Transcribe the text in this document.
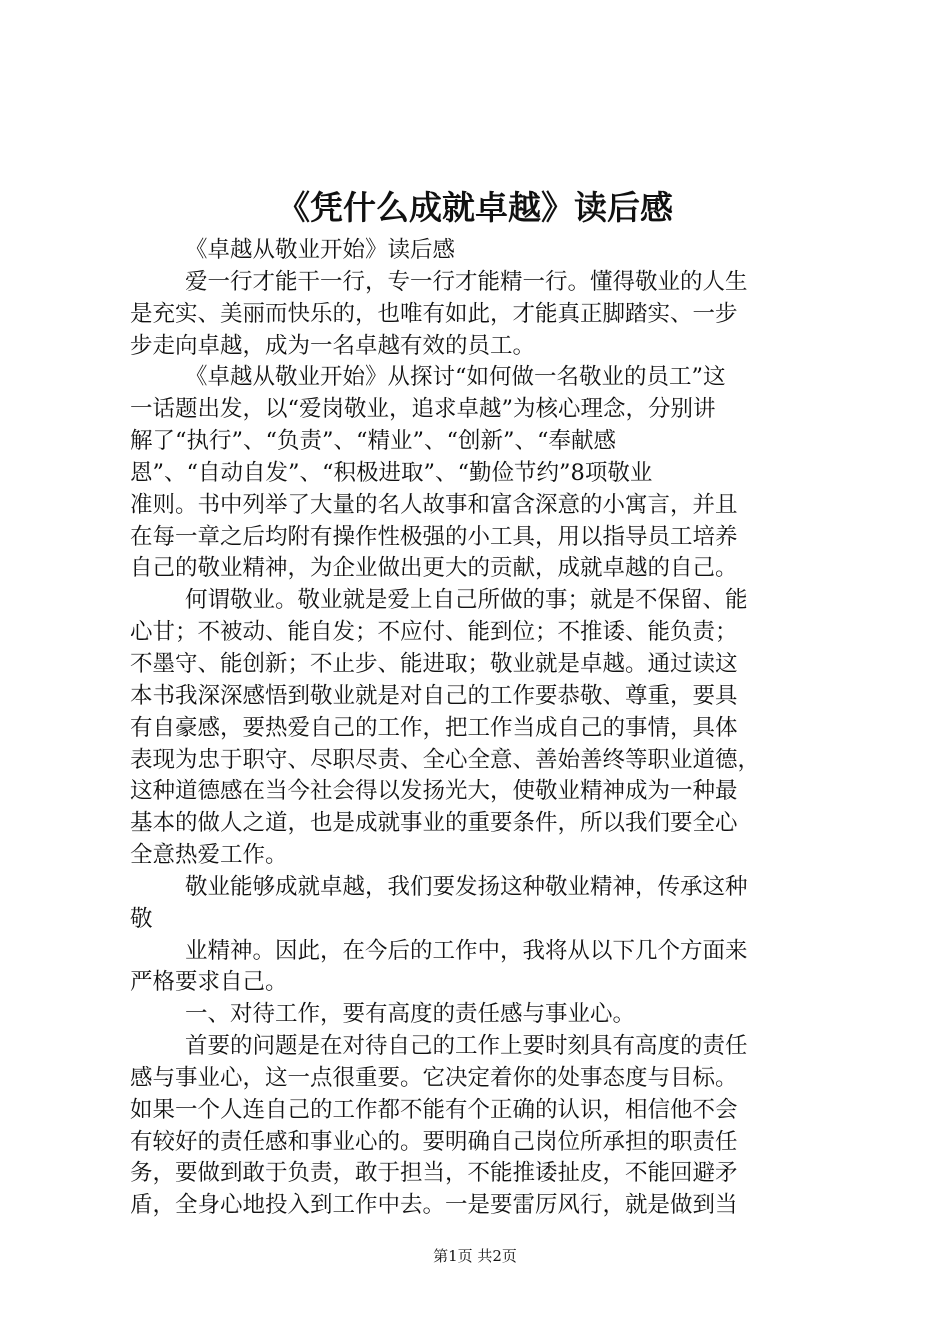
《凭什么成就卓越》读后感
《卓越从敬业开始》读后感
爱一行才能干一行，专一行才能精一行。懂得敬业的人生
是充实、美丽而快乐的，也唯有如此，才能真正脚踏实、一步
步走向卓越，成为一名卓越有效的员工。
《卓越从敬业开始》从探讨“如何做一名敬业的员工”这
一话题出发，以“爱岗敬业，追求卓越”为核心理念，分别讲
解了“执行”、“负责”、“精业”、“创新”、“奉献感
恩”、“自动自发”、“积极进取”、“勤俭节约”8项敬业
准则。书中列举了大量的名人故事和富含深意的小寓言，并且
在每一章之后均附有操作性极强的小工具，用以指导员工培养
自己的敬业精神，为企业做出更大的贡献，成就卓越的自己。
何谓敬业。敬业就是爱上自己所做的事；就是不保留、能
心甘；不被动、能自发；不应付、能到位；不推诿、能负责；
不墨守、能创新；不止步、能进取；敬业就是卓越。通过读这
本书我深深感悟到敬业就是对自己的工作要恭敬、尊重，要具
有自豪感，要热爱自己的工作，把工作当成自己的事情，具体
表现为忠于职守、尽职尽责、全心全意、善始善终等职业道德，
这种道德感在当今社会得以发扬光大，使敬业精神成为一种最
基本的做人之道，也是成就事业的重要条件，所以我们要全心
全意热爱工作。
敬业能够成就卓越，我们要发扬这种敬业精神，传承这种
敬
业精神。因此，在今后的工作中，我将从以下几个方面来
严格要求自己。
一、对待工作，要有高度的责任感与事业心。
首要的问题是在对待自己的工作上要时刻具有高度的责任
感与事业心，这一点很重要。它决定着你的处事态度与目标。
如果一个人连自己的工作都不能有个正确的认识，相信他不会
有较好的责任感和事业心的。要明确自己岗位所承担的职责任
务，要做到敢于负责，敢于担当，不能推诿扯皮，不能回避矛
盾，全身心地投入到工作中去。一是要雷厉风行，就是做到当
第1页 共2页
